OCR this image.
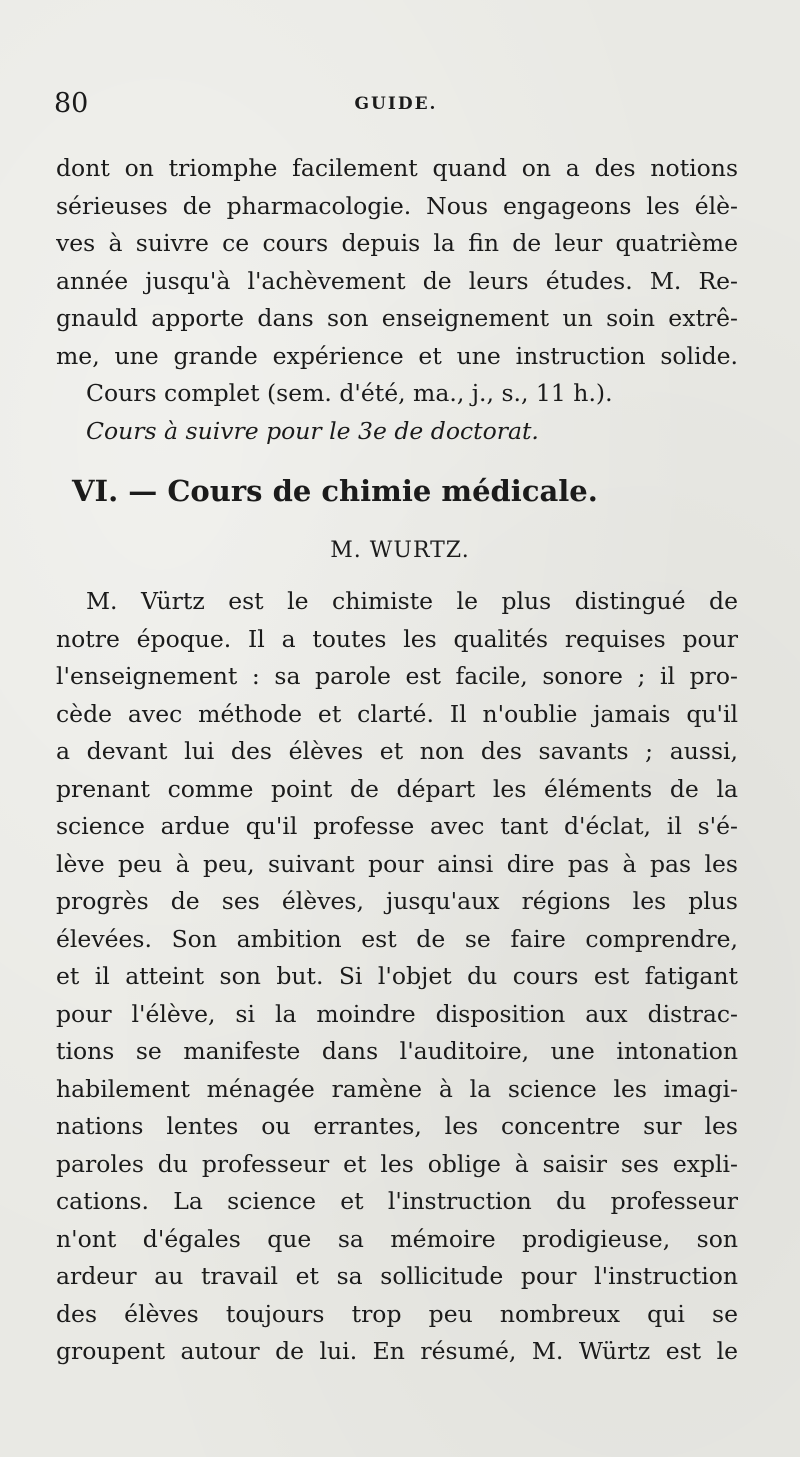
80	GUIDE.
dont on triomphe facilement quand on a des notions
sérieuses de pharmacologie. Nous engageons les élè-
ves à suivre ce cours depuis la fin de leur quatrième
année jusqu'à l'achèvement de leurs études. M. Re-
gnauld apporte dans son enseignement un soin extrê-
me, une grande expérience et une instruction solide.
Cours complet (sem. d'été, ma., j., s., 11 h.).
Cours à suivre pour le 3e de doctorat.
VI. — Cours de chimie médicale.
M. WURTZ.
M. Vürtz est le chimiste le plus distingué de
notre époque. Il a toutes les qualités requises pour
l'enseignement : sa parole est facile, sonore ; il pro-
cède avec méthode et clarté. Il n'oublie jamais qu'il
a devant lui des élèves et non des savants ; aussi,
prenant comme point de départ les éléments de la
science ardue qu'il professe avec tant d'éclat, il s'é-
lève peu à peu, suivant pour ainsi dire pas à pas les
progrès de ses élèves, jusqu'aux régions les plus
élevées. Son ambition est de se faire comprendre,
et il atteint son but. Si l'objet du cours est fatigant
pour l'élève, si la moindre disposition aux distrac-
tions se manifeste dans l'auditoire, une intonation
habilement ménagée ramène à la science les imagi-
nations lentes ou errantes, les concentre sur les
paroles du professeur et les oblige à saisir ses expli-
cations. La science et l'instruction du professeur
n'ont d'égales que sa mémoire prodigieuse, son
ardeur au travail et sa sollicitude pour l'instruction
des élèves toujours trop peu nombreux qui se
groupent autour de lui. En résumé, M. Würtz est le
